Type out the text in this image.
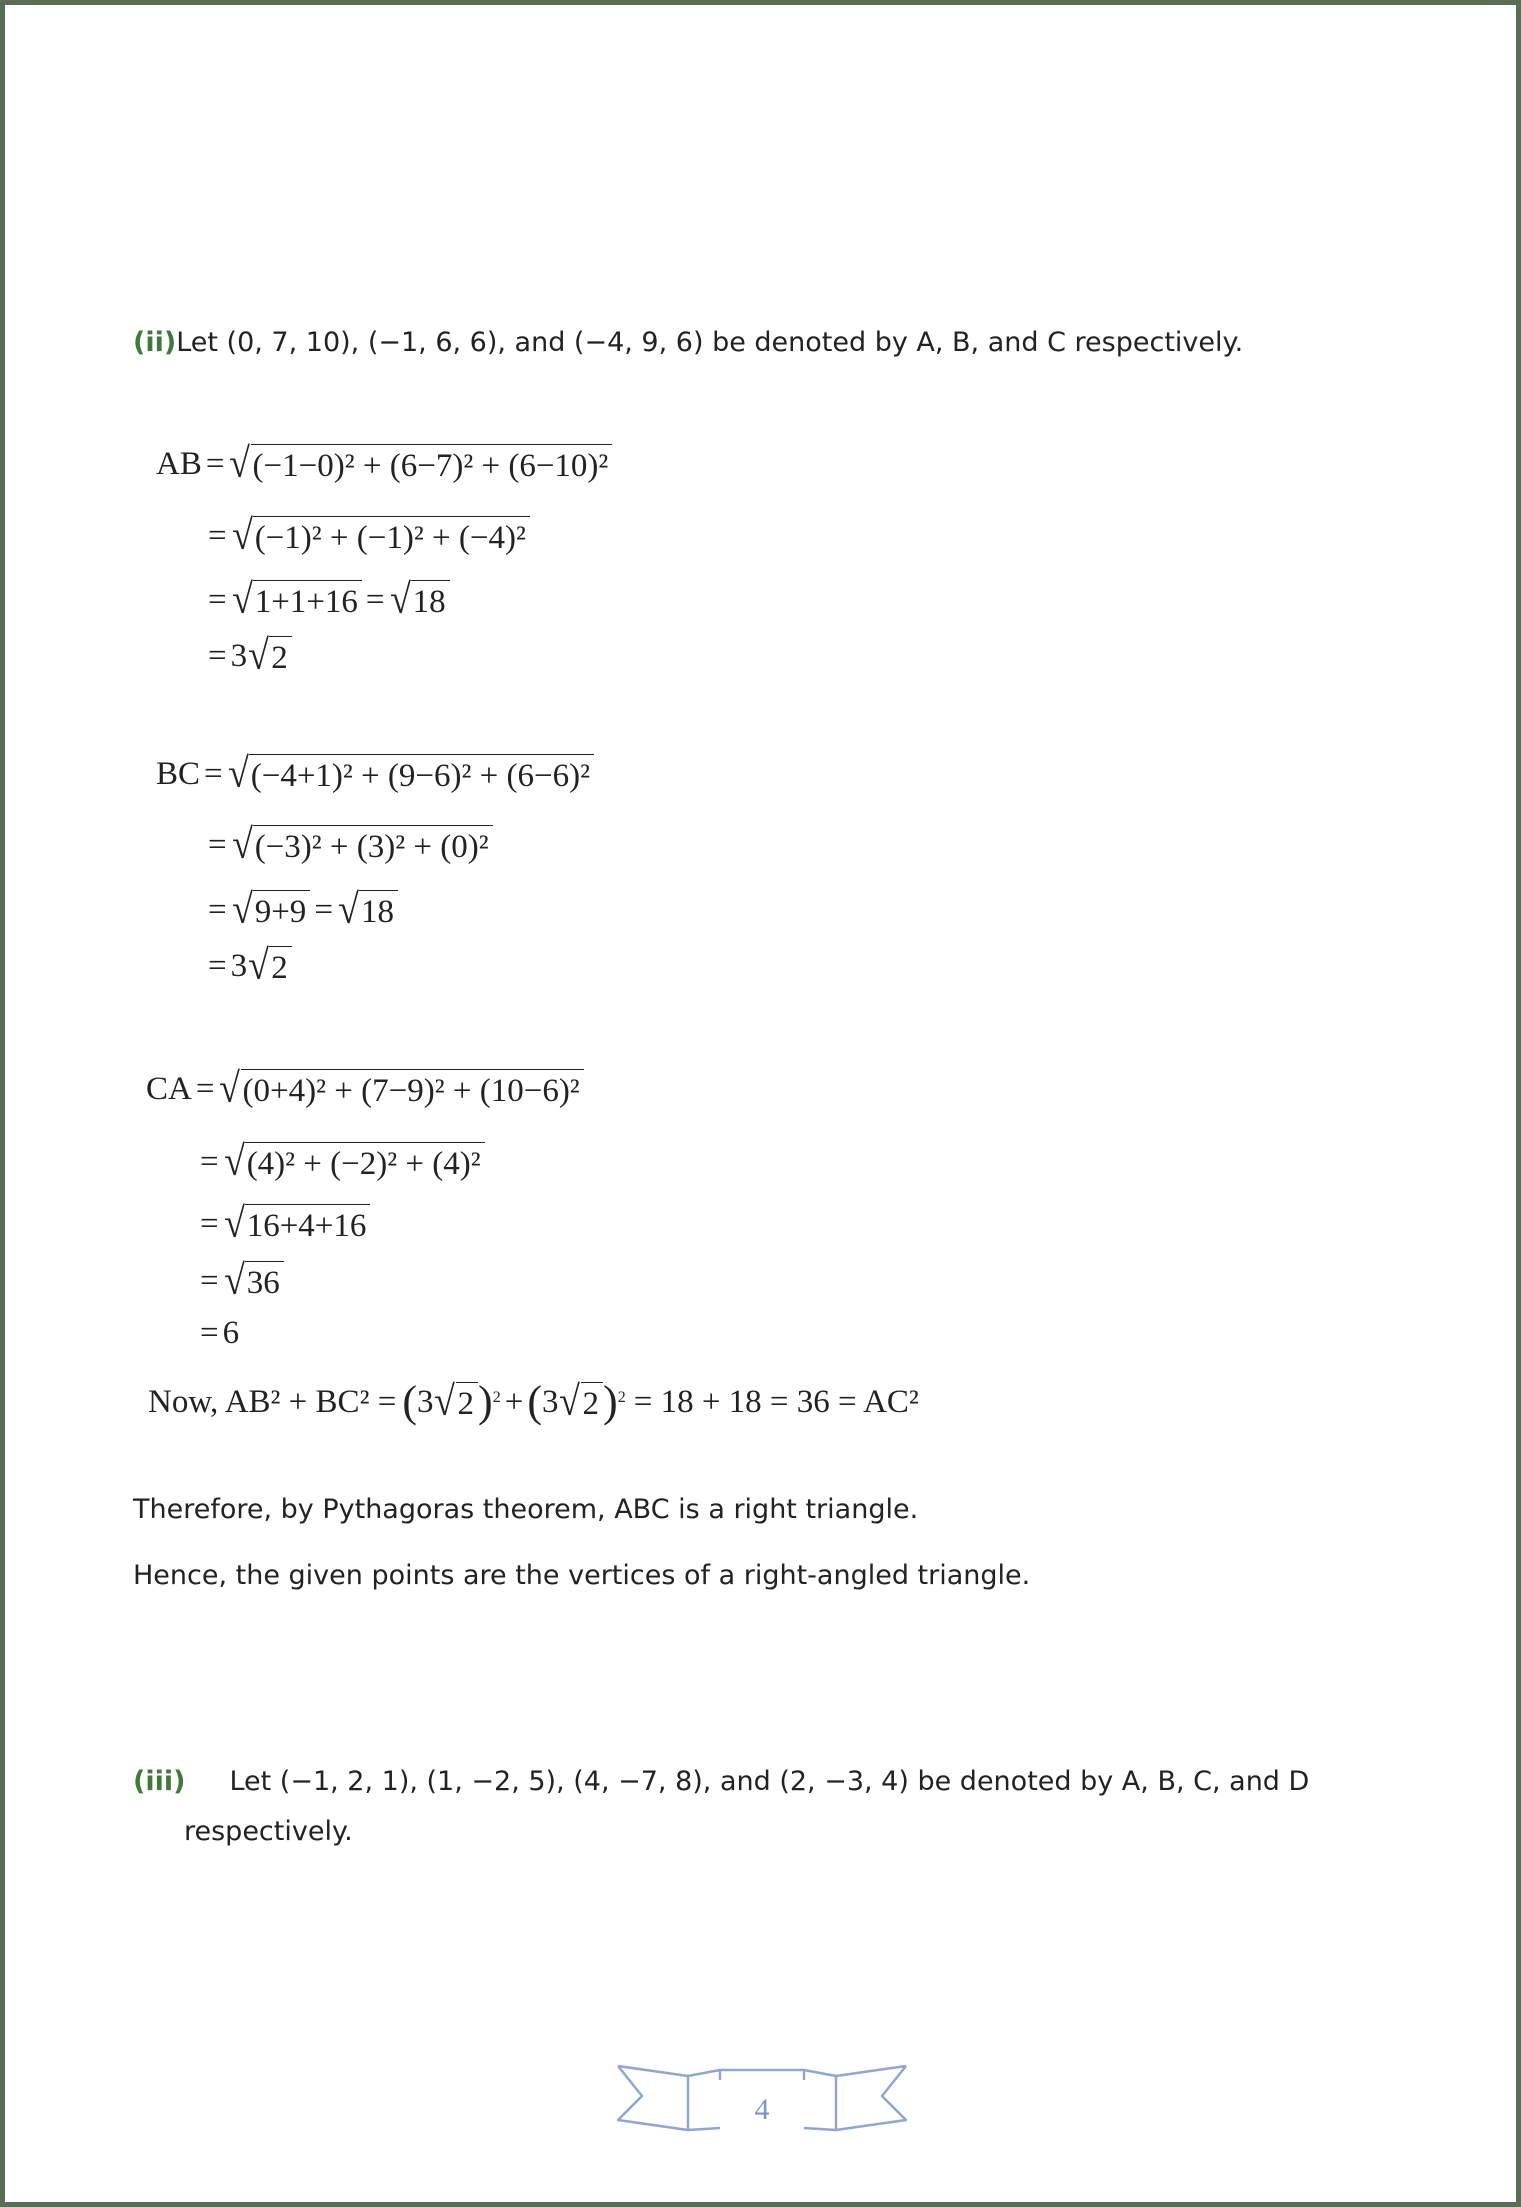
(ii)Let (0, 7, 10), (−1, 6, 6), and (−4, 9, 6) be denoted by A, B, and C respectively.
AB = √ (−1−0)² + (6−7)² + (6−10)²
= √ (−1)² + (−1)² + (−4)²
= √ 1+1+16 = √ 18
= 3 √ 2
BC = √ (−4+1)² + (9−6)² + (6−6)²
= √ (−3)² + (3)² + (0)²
= √ 9+9 = √ 18
= 3 √ 2
CA = √ (0+4)² + (7−9)² + (10−6)²
= √ (4)² + (−2)² + (4)²
= √ 16+4+16
= √ 36
= 6
Now, AB² + BC² = ( 3 √ 2 )$^2$ + ( 3 √ 2 )$^2$ = 18 + 18 = 36 = AC²
Therefore, by Pythagoras theorem, ABC is a right triangle.
Hence, the given points are the vertices of a right-angled triangle.
(iii) Let (−1, 2, 1), (1, −2, 5), (4, −7, 8), and (2, −3, 4) be denoted by A, B, C, and D
respectively.
4
